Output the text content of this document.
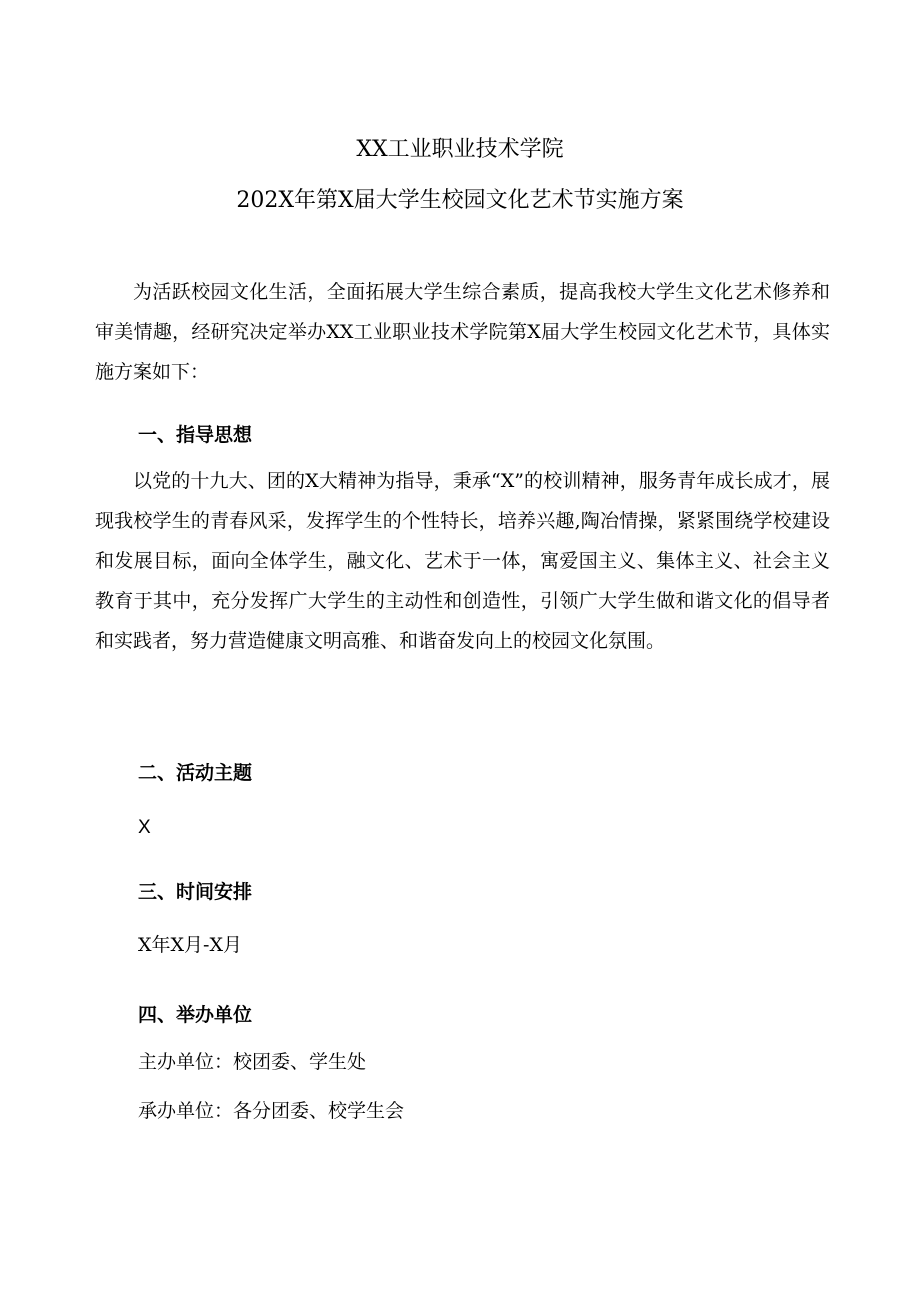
XX工业职业技术学院
202X年第X届大学生校园文化艺术节实施方案

为活跃校园文化生活，全面拓展大学生综合素质，提高我校大学生文化艺术修养和审美情趣，经研究决定举办XX工业职业技术学院第X届大学生校园文化艺术节，具体实施方案如下：

一、指导思想

以党的十九大、团的X大精神为指导，秉承“X”的校训精神，服务青年成长成才，展现我校学生的青春风采，发挥学生的个性特长，培养兴趣,陶冶情操，紧紧围绕学校建设和发展目标，面向全体学生，融文化、艺术于一体，寓爱国主义、集体主义、社会主义教育于其中，充分发挥广大学生的主动性和创造性，引领广大学生做和谐文化的倡导者和实践者，努力营造健康文明高雅、和谐奋发向上的校园文化氛围。

二、活动主题
X
三、时间安排
X年X月-X月
四、举办单位
主办单位：校团委、学生处
承办单位：各分团委、校学生会
